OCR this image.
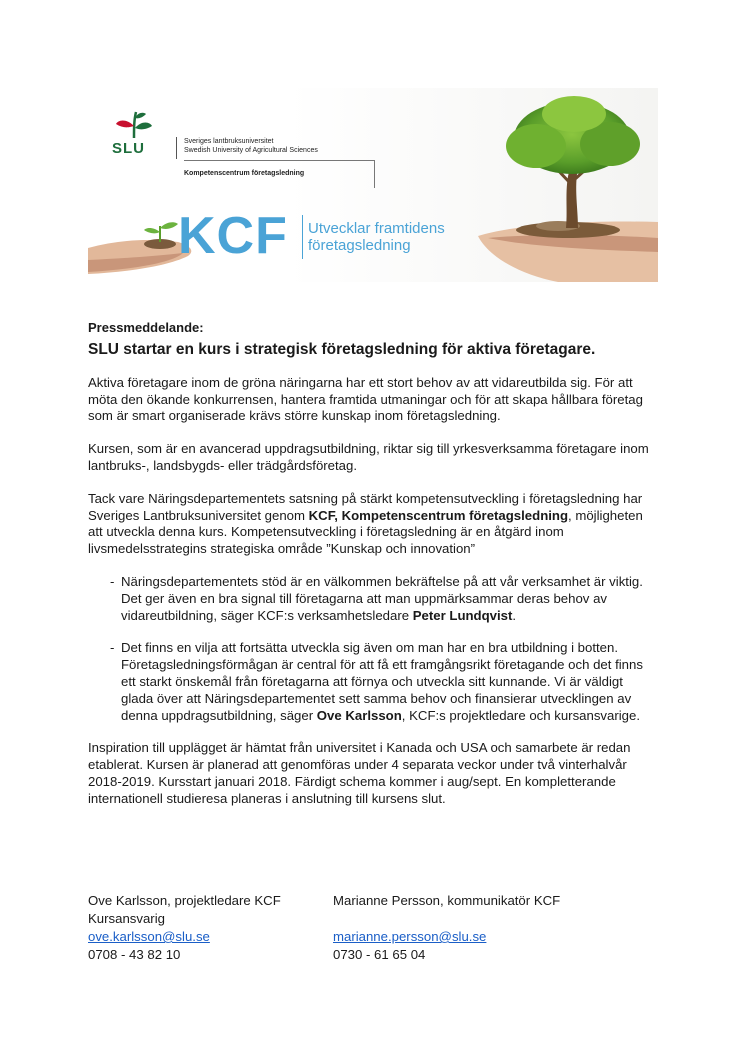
SLU	Sveriges lantbruksuniversitet
Swedish University of Agricultural Sciences
Kompetenscentrum företagsledning
KCF Utvecklar framtidens
företagsledning
Pressmeddelande:
SLU startar en kurs i strategisk företagsledning för aktiva företagare.

Aktiva företagare inom de gröna näringarna har ett stort behov av att vidareutbilda sig. För att möta den ökande konkurrensen, hantera framtida utmaningar och för att skapa hållbara företag som är smart organiserade krävs större kunskap inom företagsledning.

Kursen, som är en avancerad uppdragsutbildning, riktar sig till yrkesverksamma företagare inom lantbruks-, landsbygds- eller trädgårdsföretag.

Tack vare Näringsdepartementets satsning på stärkt kompetensutveckling i företagsledning har Sveriges Lantbruksuniversitet genom KCF, Kompetenscentrum företagsledning, möjligheten att utveckla denna kurs. Kompetensutveckling i företagsledning är en åtgärd inom livsmedelsstrategins strategiska område ”Kunskap och innovation”

- Näringsdepartementets stöd är en välkommen bekräftelse på att vår verksamhet är viktig. Det ger även en bra signal till företagarna att man uppmärksammar deras behov av vidareutbildning, säger KCF:s verksamhetsledare Peter Lundqvist.

- Det finns en vilja att fortsätta utveckla sig även om man har en bra utbildning i botten. Företagsledningsförmågan är central för att få ett framgångsrikt företagande och det finns ett starkt önskemål från företagarna att förnya och utveckla sitt kunnande. Vi är väldigt glada över att Näringsdepartementet sett samma behov och finansierar utvecklingen av denna uppdragsutbildning, säger Ove Karlsson, KCF:s projektledare och kursansvarige.

Inspiration till upplägget är hämtat från universitet i Kanada och USA och samarbete är redan etablerat. Kursen är planerad att genomföras under 4 separata veckor under två vinterhalvår 2018-2019. Kursstart januari 2018. Färdigt schema kommer i aug/sept. En kompletterande internationell studieresa planeras i anslutning till kursens slut.

Ove Karlsson, projektledare KCF
Kursansvarig
ove.karlsson@slu.se
0708 - 43 82 10
Marianne Persson, kommunikatör KCF

marianne.persson@slu.se
0730 - 61 65 04
